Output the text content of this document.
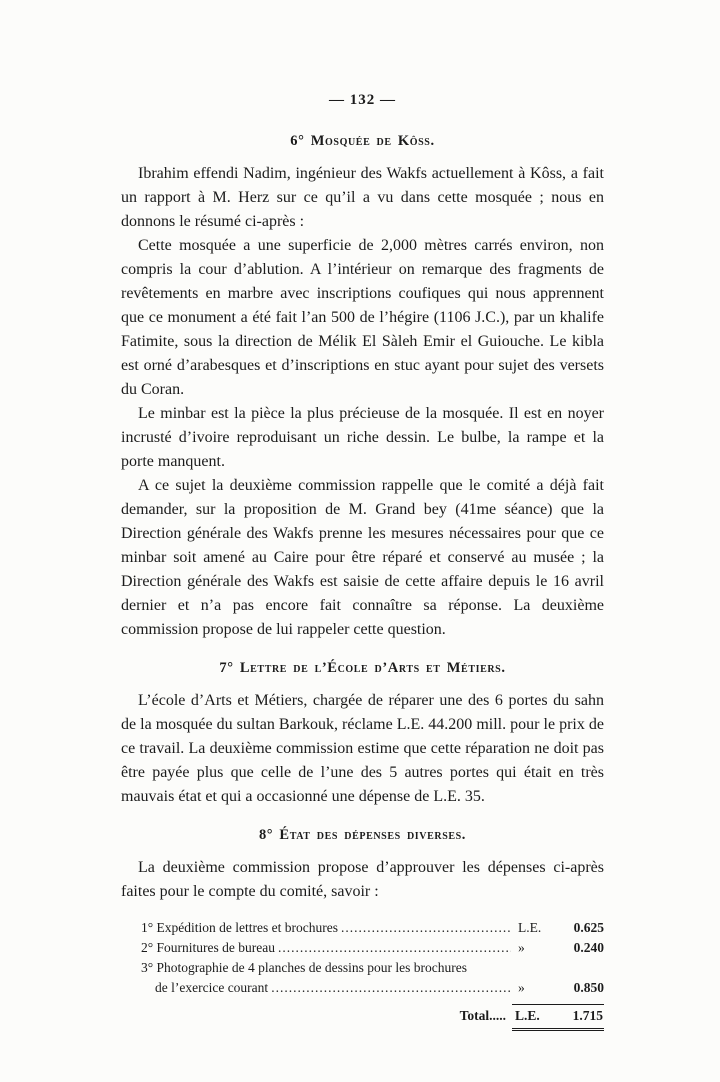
— 132 —
6° Mosquée de Kôss.

Ibrahim effendi Nadim, ingénieur des Wakfs actuellement à Kôss, a fait un rapport à M. Herz sur ce qu’il a vu dans cette mosquée ; nous en donnons le résumé ci-après :

Cette mosquée a une superficie de 2,000 mètres carrés environ, non compris la cour d’ablution. A l’intérieur on remarque des fragments de revêtements en marbre avec inscriptions coufiques qui nous apprennent que ce monument a été fait l’an 500 de l’hégire (1106 J.C.), par un khalife Fatimite, sous la direction de Mélik El Sàleh Emir el Guiouche. Le kibla est orné d’arabesques et d’inscriptions en stuc ayant pour sujet des versets du Coran.

Le minbar est la pièce la plus précieuse de la mosquée. Il est en noyer incrusté d’ivoire reproduisant un riche dessin. Le bulbe, la rampe et la porte manquent.

A ce sujet la deuxième commission rappelle que le comité a déjà fait demander, sur la proposition de M. Grand bey (41me séance) que la Direction générale des Wakfs prenne les mesures nécessaires pour que ce minbar soit amené au Caire pour être réparé et conservé au musée ; la Direction générale des Wakfs est saisie de cette affaire depuis le 16 avril dernier et n’a pas encore fait connaître sa réponse. La deuxième commission propose de lui rappeler cette question.

7° Lettre de l’École d’Arts et Métiers.

L’école d’Arts et Métiers, chargée de réparer une des 6 portes du sahn de la mosquée du sultan Barkouk, réclame L.E. 44.200 mill. pour le prix de ce travail. La deuxième commission estime que cette réparation ne doit pas être payée plus que celle de l’une des 5 autres portes qui était en très mauvais état et qui a occasionné une dépense de L.E. 35.

8° État des dépenses diverses.

La deuxième commission propose d’approuver les dépenses ci-après faites pour le compte du comité, savoir :

1° Expédition de lettres et brochures .....	L.E.	0.625
2° Fournitures de bureau .....	»	0.240
3° Photographie de 4 planches de dessins pour les brochures
de l’exercice courant .....	»	0.850
Total..... L.E.	1.715
